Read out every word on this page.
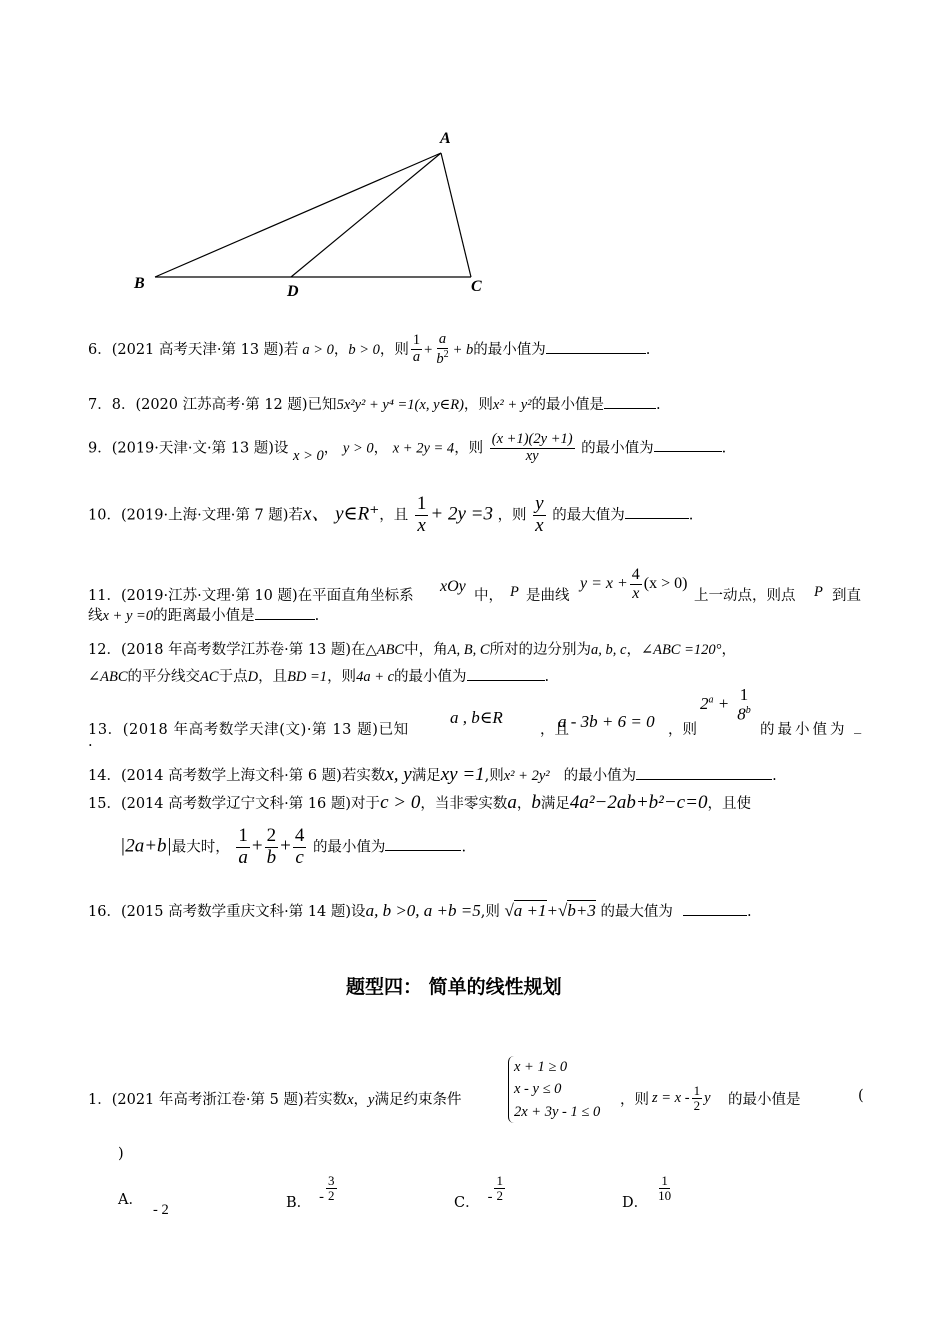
A
B	D	C
6．(2021 高考天津·第 13 题)若 a > 0，b > 0，则 $\frac{1}{a} + \frac{a}{b^2} + b$的最小值为	.
7．8．(2020 江苏高考·第 12 题)已知5x²y² + y⁴ =1(x, y∈R)，则x² + y²的最小值是	.
9．(2019·天津·文·第 13 题)设 x > 0， y > 0， x + 2y = 4，则 $\frac{(x +1)(2y +1)}{xy}$ 的最小值为	.
10．(2019·上海·文理·第 7 题)若x、 y∈R⁺，且 $\frac{1}{x} + 2y =3$ ，则 $\frac{y}{x}$ 的最大值为	.
11．(2019·江苏·文理·第 10 题)在平面直角坐标系
xOy
中， P 是曲线
$y = x + \frac{4}{x} (x > 0)$
上一动点，则点 P 到直
线x + y =0的距离最小值是	.
12．(2018 年高考数学江苏卷·第 13 题)在△ABC中，角A, B, C所对的边分别为a, b, c，∠ABC =120°，
∠ABC的平分线交AC于点D，且BD =1，则4a + c的最小值为	.
13．(2018 年高考数学天津(文)·第 13 题)已知
a , b∈R
，且
a - 3b + 6 = 0 ，则
$2^a + 1$
8$^b$
的最小值为 _
.
14．(2014 高考数学上海文科·第 6 题)若实数x, y满足xy =1,则x² + 2y² 的最小值为	.
15．(2014 高考数学辽宁文科·第 16 题)对于c > 0，当非零实数a，b满足4a²−2ab+b²−c=0，且使
|2a+b|最大时， $\frac{1}{a} + \frac{2}{b} + \frac{4}{c}$ 的最小值为	.
16．(2015 高考数学重庆文科·第 14 题)设a, b >0, a +b =5,则 √a +1+√b+3 的最大值为	.
题型四： 简单的线性规划
1．(2021 年高考浙江卷·第 5 题)若实数x，y满足约束条件
x + 1 ≥ 0
x - y ≤ 0
2x + 3y - 1 ≤ 0
，则 $z = x - \frac{1}{2}$ y 的最小值是	(
)
A．- 2	B． - $\frac{3}{2}$	C． - $\frac{1}{2}$	D． $\frac{1}{10}$
